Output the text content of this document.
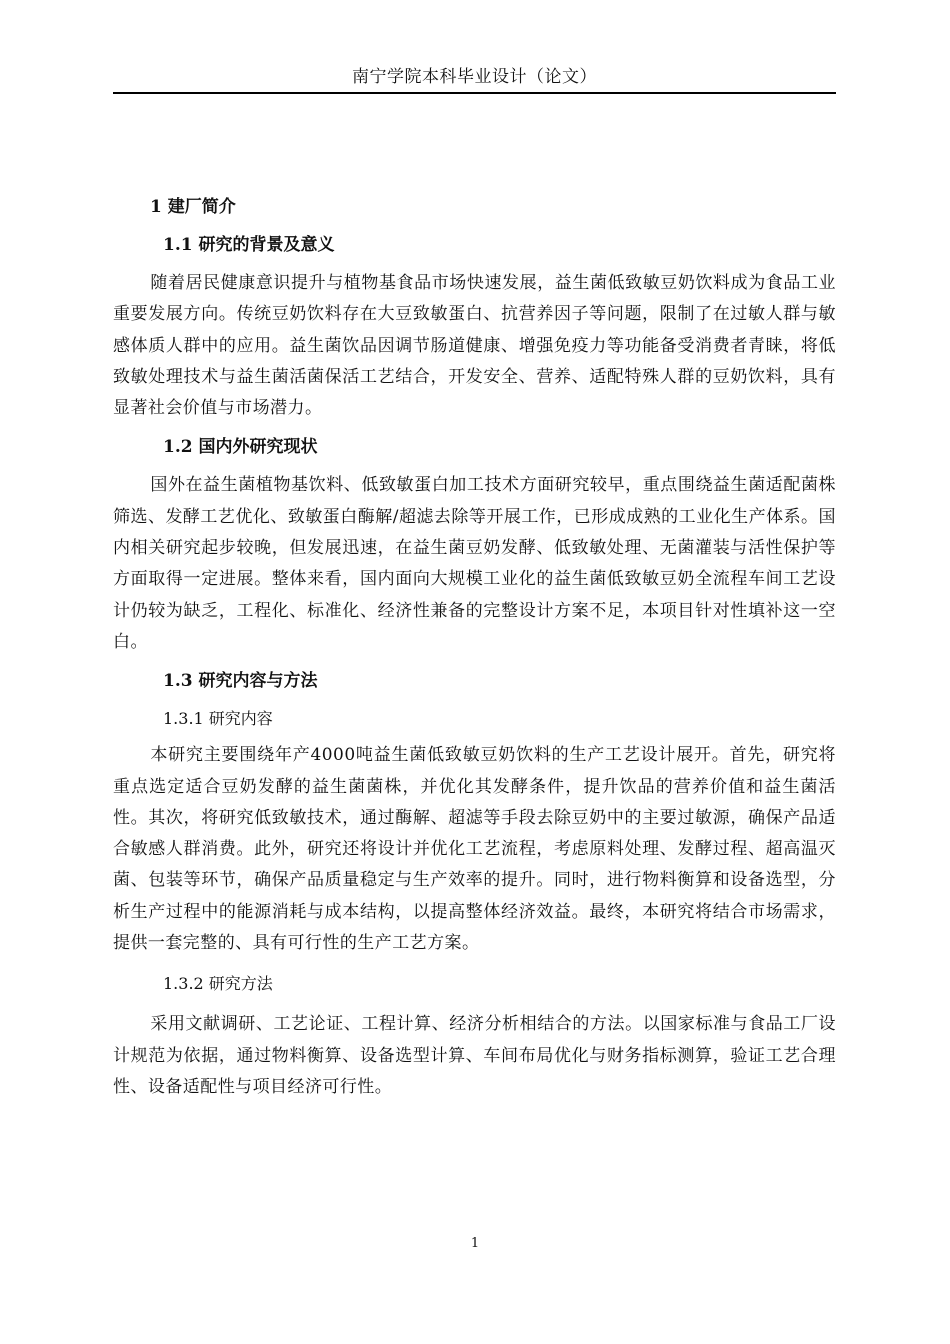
南宁学院本科毕业设计（论文）
1 建厂简介
1.1 研究的背景及意义

随着居民健康意识提升与植物基食品市场快速发展，益生菌低致敏豆奶饮料成为食品工业重要发展方向。传统豆奶饮料存在大豆致敏蛋白、抗营养因子等问题，限制了在过敏人群与敏感体质人群中的应用。益生菌饮品因调节肠道健康、增强免疫力等功能备受消费者青睐，将低致敏处理技术与益生菌活菌保活工艺结合，开发安全、营养、适配特殊人群的豆奶饮料，具有显著社会价值与市场潜力。

1.2 国内外研究现状

国外在益生菌植物基饮料、低致敏蛋白加工技术方面研究较早，重点围绕益生菌适配菌株筛选、发酵工艺优化、致敏蛋白酶解/超滤去除等开展工作，已形成成熟的工业化生产体系。国内相关研究起步较晚，但发展迅速，在益生菌豆奶发酵、低致敏处理、无菌灌装与活性保护等方面取得一定进展。整体来看，国内面向大规模工业化的益生菌低致敏豆奶全流程车间工艺设计仍较为缺乏，工程化、标准化、经济性兼备的完整设计方案不足，本项目针对性填补这一空白。

1.3 研究内容与方法
1.3.1 研究内容

本研究主要围绕年产4000吨益生菌低致敏豆奶饮料的生产工艺设计展开。首先，研究将重点选定适合豆奶发酵的益生菌菌株，并优化其发酵条件，提升饮品的营养价值和益生菌活性。其次，将研究低致敏技术，通过酶解、超滤等手段去除豆奶中的主要过敏源，确保产品适合敏感人群消费。此外，研究还将设计并优化工艺流程，考虑原料处理、发酵过程、超高温灭菌、包装等环节，确保产品质量稳定与生产效率的提升。同时，进行物料衡算和设备选型，分析生产过程中的能源消耗与成本结构，以提高整体经济效益。最终，本研究将结合市场需求，提供一套完整的、具有可行性的生产工艺方案。

1.3.2 研究方法

采用文献调研、工艺论证、工程计算、经济分析相结合的方法。以国家标准与食品工厂设计规范为依据，通过物料衡算、设备选型计算、车间布局优化与财务指标测算，验证工艺合理性、设备适配性与项目经济可行性。

1
